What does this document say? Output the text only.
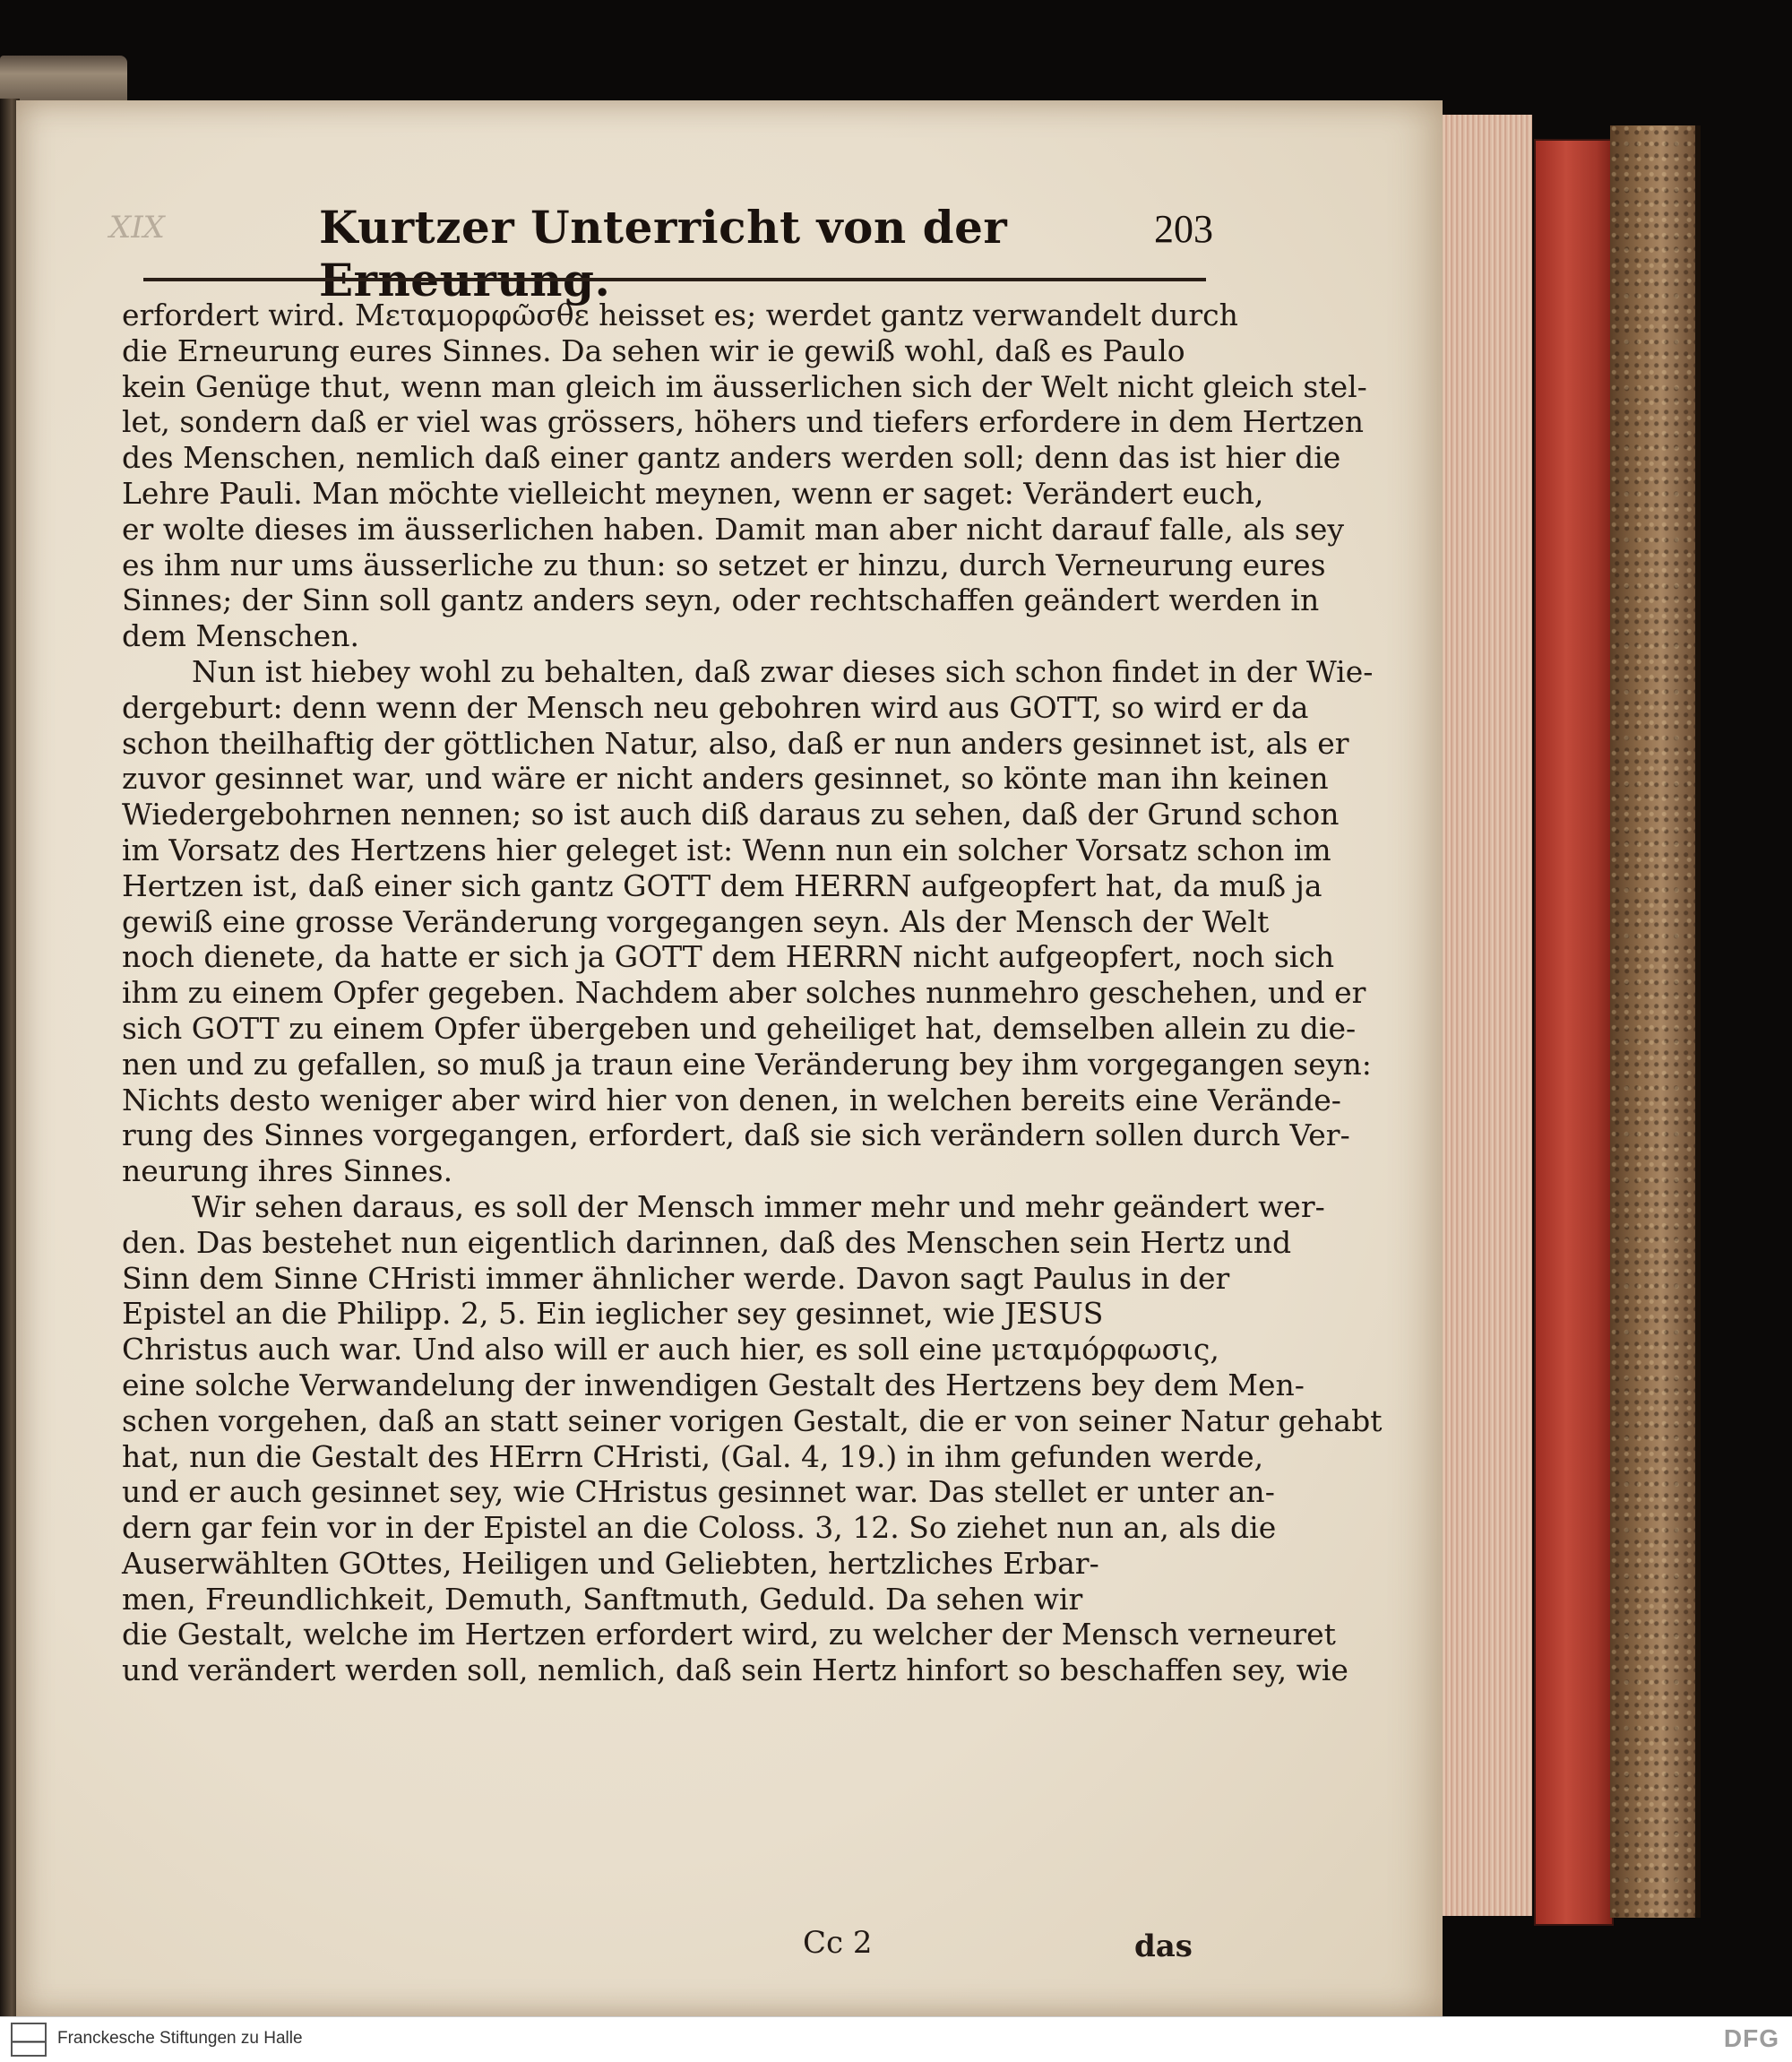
XIX	Kurtzer Unterricht von der Erneurung.
203
erfordert wird. Μεταμορφῶσθε heisset es; werdet gantz verwandelt durch
die Erneurung eures Sinnes. Da sehen wir ie gewiß wohl, daß es Paulo
kein Genüge thut, wenn man gleich im äusserlichen sich der Welt nicht gleich stel-
let, sondern daß er viel was grössers, höhers und tiefers erfordere in dem Hertzen
des Menschen, nemlich daß einer gantz anders werden soll; denn das ist hier die
Lehre Pauli. Man möchte vielleicht meynen, wenn er saget: Verändert euch,
er wolte dieses im äusserlichen haben. Damit man aber nicht darauf falle, als sey
es ihm nur ums äusserliche zu thun: so setzet er hinzu, durch Verneurung eures
Sinnes; der Sinn soll gantz anders seyn, oder rechtschaffen geändert werden in
dem Menschen.
Nun ist hiebey wohl zu behalten, daß zwar dieses sich schon findet in der Wie-
dergeburt: denn wenn der Mensch neu gebohren wird aus GOTT, so wird er da
schon theilhaftig der göttlichen Natur, also, daß er nun anders gesinnet ist, als er
zuvor gesinnet war, und wäre er nicht anders gesinnet, so könte man ihn keinen
Wiedergebohrnen nennen; so ist auch diß daraus zu sehen, daß der Grund schon
im Vorsatz des Hertzens hier geleget ist: Wenn nun ein solcher Vorsatz schon im
Hertzen ist, daß einer sich gantz GOTT dem HERRN aufgeopfert hat, da muß ja
gewiß eine grosse Veränderung vorgegangen seyn. Als der Mensch der Welt
noch dienete, da hatte er sich ja GOTT dem HERRN nicht aufgeopfert, noch sich
ihm zu einem Opfer gegeben. Nachdem aber solches nunmehro geschehen, und er
sich GOTT zu einem Opfer übergeben und geheiliget hat, demselben allein zu die-
nen und zu gefallen, so muß ja traun eine Veränderung bey ihm vorgegangen seyn:
Nichts desto weniger aber wird hier von denen, in welchen bereits eine Verände-
rung des Sinnes vorgegangen, erfordert, daß sie sich verändern sollen durch Ver-
neurung ihres Sinnes.
Wir sehen daraus, es soll der Mensch immer mehr und mehr geändert wer-
den. Das bestehet nun eigentlich darinnen, daß des Menschen sein Hertz und
Sinn dem Sinne CHristi immer ähnlicher werde. Davon sagt Paulus in der
Epistel an die Philipp. 2, 5. Ein ieglicher sey gesinnet, wie JESUS
Christus auch war. Und also will er auch hier, es soll eine μεταμόρφωσις,
eine solche Verwandelung der inwendigen Gestalt des Hertzens bey dem Men-
schen vorgehen, daß an statt seiner vorigen Gestalt, die er von seiner Natur gehabt
hat, nun die Gestalt des HErrn CHristi, (Gal. 4, 19.) in ihm gefunden werde,
und er auch gesinnet sey, wie CHristus gesinnet war. Das stellet er unter an-
dern gar fein vor in der Epistel an die Coloss. 3, 12. So ziehet nun an, als die
Auserwählten GOttes, Heiligen und Geliebten, hertzliches Erbar-
men, Freundlichkeit, Demuth, Sanftmuth, Geduld. Da sehen wir
die Gestalt, welche im Hertzen erfordert wird, zu welcher der Mensch verneuret
und verändert werden soll, nemlich, daß sein Hertz hinfort so beschaffen sey, wie
Cc 2	das
Franckesche Stiftungen zu Halle	DFG
